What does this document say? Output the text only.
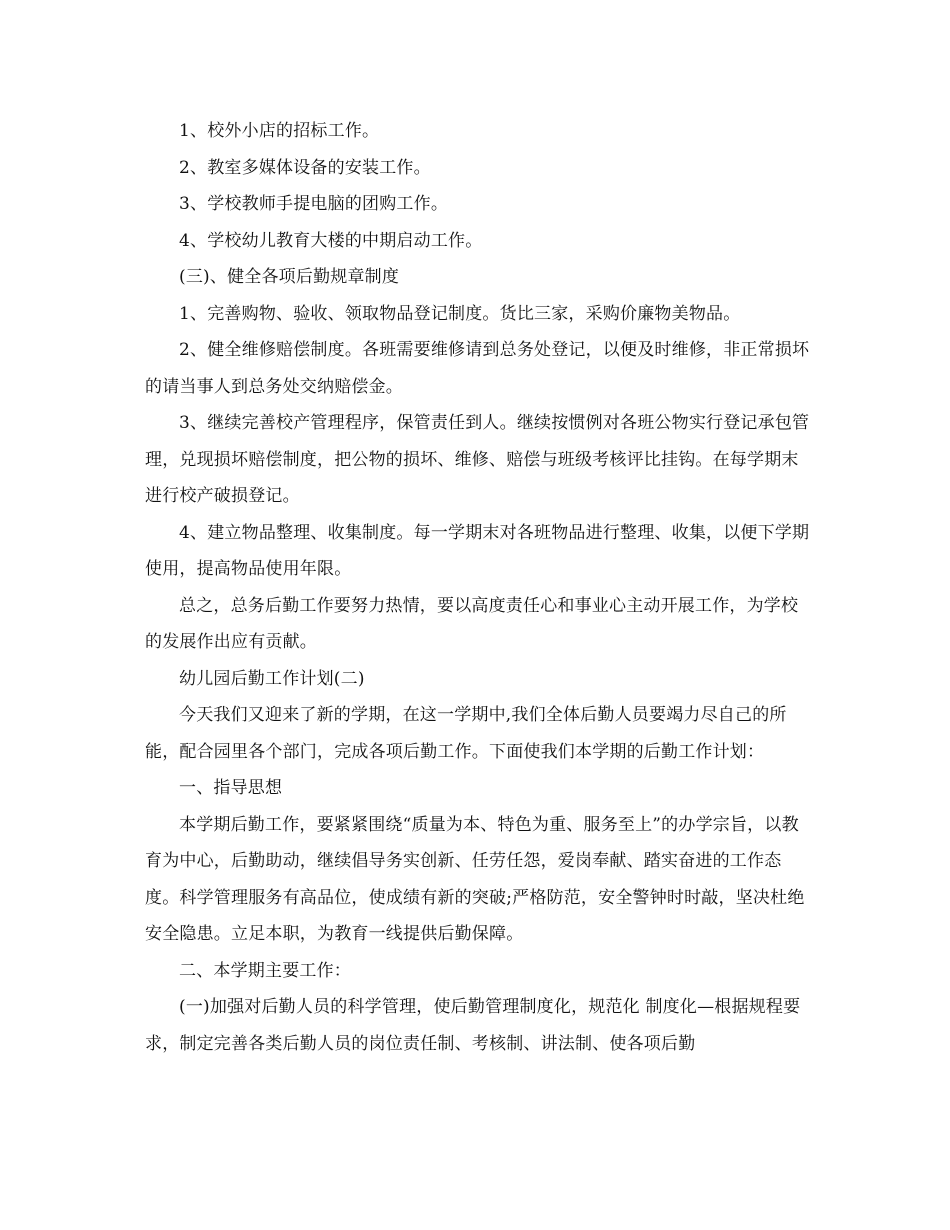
1、校外小店的招标工作。

2、教室多媒体设备的安装工作。

3、学校教师手提电脑的团购工作。

4、学校幼儿教育大楼的中期启动工作。

(三)、健全各项后勤规章制度

1、完善购物、验收、领取物品登记制度。货比三家，采购价廉物美物品。

2、健全维修赔偿制度。各班需要维修请到总务处登记，以便及时维修，非正常损坏的请当事人到总务处交纳赔偿金。

3、继续完善校产管理程序，保管责任到人。继续按惯例对各班公物实行登记承包管理，兑现损坏赔偿制度，把公物的损坏、维修、赔偿与班级考核评比挂钩。在每学期末进行校产破损登记。

4、建立物品整理、收集制度。每一学期末对各班物品进行整理、收集，以便下学期使用，提高物品使用年限。

总之，总务后勤工作要努力热情，要以高度责任心和事业心主动开展工作，为学校的发展作出应有贡献。

幼儿园后勤工作计划(二)

今天我们又迎来了新的学期，在这一学期中,我们全体后勤人员要竭力尽自己的所能，配合园里各个部门，完成各项后勤工作。下面使我们本学期的后勤工作计划：

一、指导思想

本学期后勤工作，要紧紧围绕“质量为本、特色为重、服务至上”的办学宗旨，以教育为中心，后勤助动，继续倡导务实创新、任劳任怨，爱岗奉献、踏实奋进的工作态度。科学管理服务有高品位，使成绩有新的突破;严格防范，安全警钟时时敲，坚决杜绝安全隐患。立足本职，为教育一线提供后勤保障。

二、本学期主要工作：

(一)加强对后勤人员的科学管理，使后勤管理制度化，规范化 制度化—根据规程要求，制定完善各类后勤人员的岗位责任制、考核制、讲法制、使各项后勤
